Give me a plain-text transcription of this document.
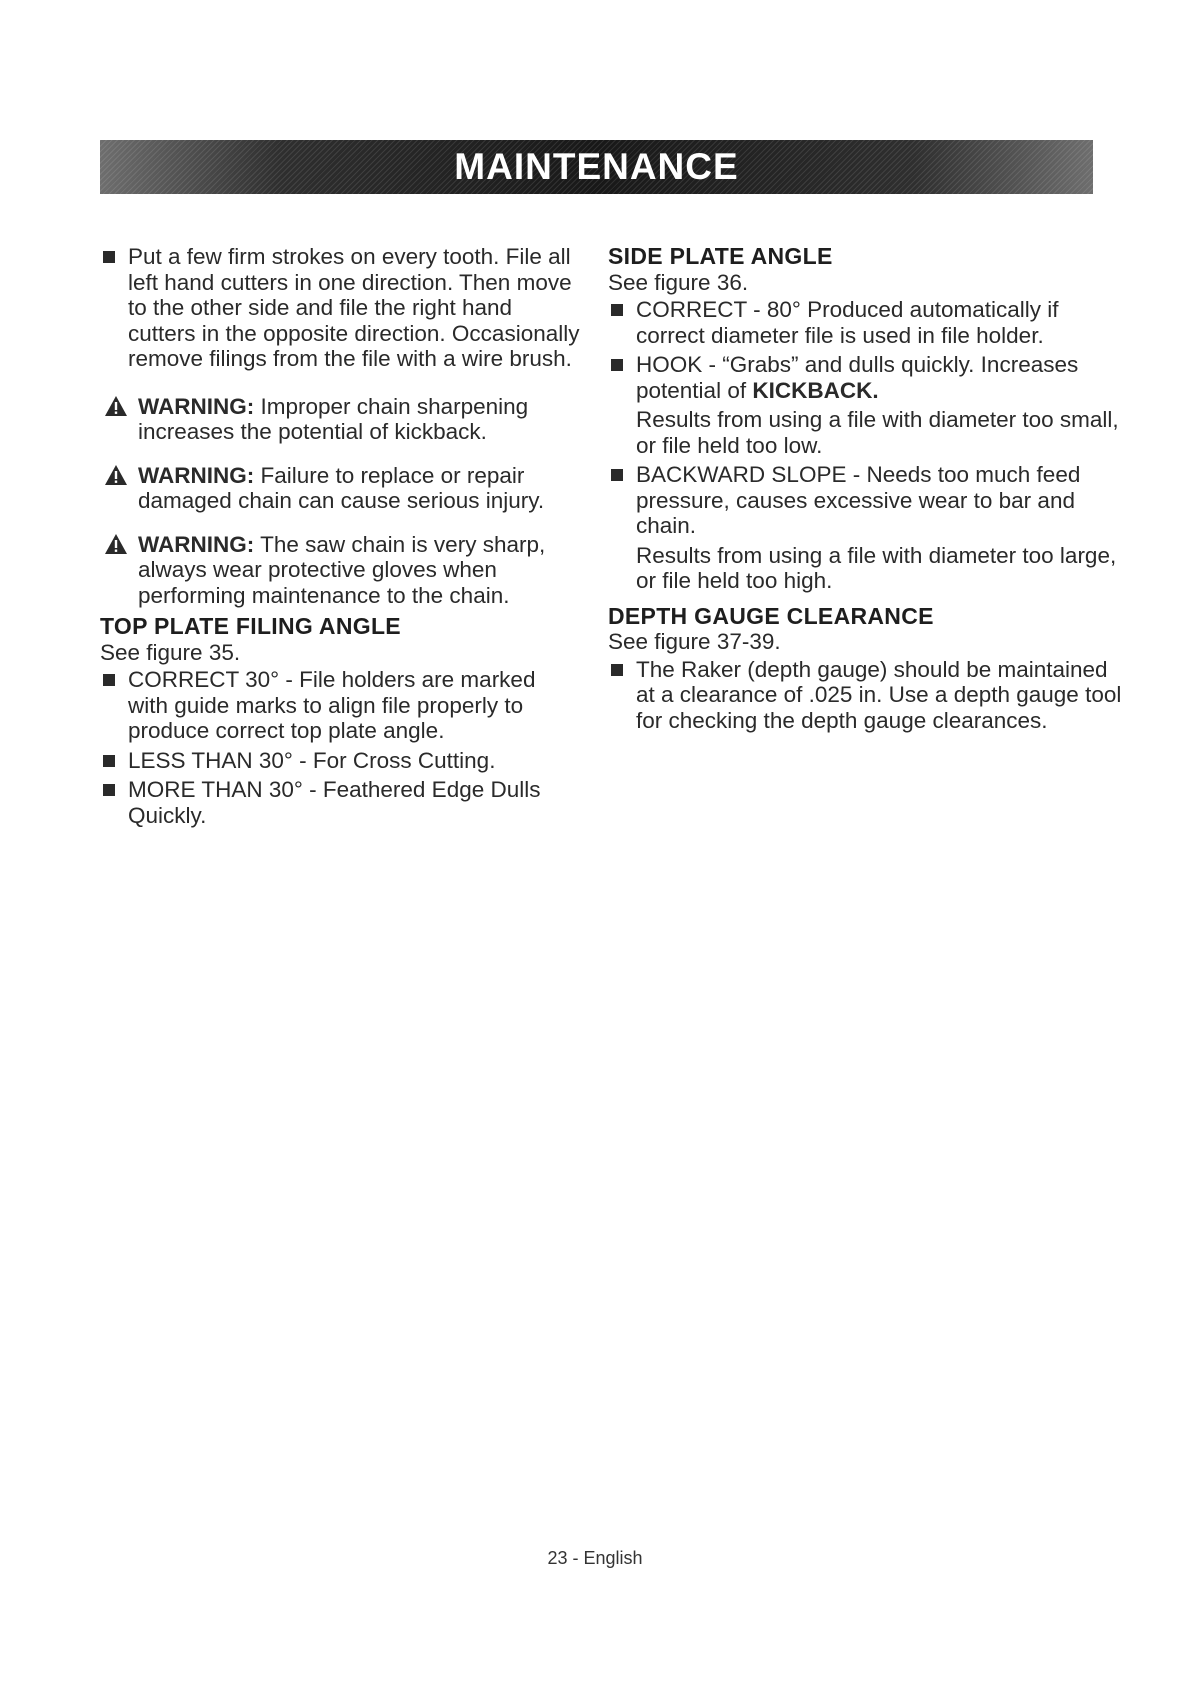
MAINTENANCE
Put a few firm strokes on every tooth. File all left hand cutters in one direction. Then move to the other side and file the right hand cutters in the opposite direction. Occasionally remove filings from the file with a wire brush.
WARNING: Improper chain sharpening increases the potential of kickback.
WARNING: Failure to replace or repair damaged chain can cause serious injury.
WARNING: The saw chain is very sharp, always wear protective gloves when performing maintenance to the chain.
TOP PLATE FILING ANGLE
See figure 35.
CORRECT 30° - File holders are marked with guide marks to align file properly to produce correct top plate angle.
LESS THAN 30° - For Cross Cutting.
MORE THAN 30° - Feathered Edge Dulls Quickly.
SIDE PLATE ANGLE
See figure 36.
CORRECT - 80° Produced automatically if correct diameter file is used in file holder.
HOOK - “Grabs” and dulls quickly. Increases potential of KICKBACK.
Results from using a file with diameter too small, or file held too low.
BACKWARD SLOPE - Needs too much feed pressure, causes excessive wear to bar and chain.
Results from using a file with diameter too large, or file held too high.
DEPTH GAUGE CLEARANCE
See figure 37-39.
The Raker (depth gauge) should be maintained at a clearance of .025 in. Use a depth gauge tool for checking the depth gauge clearances.
23 - English
